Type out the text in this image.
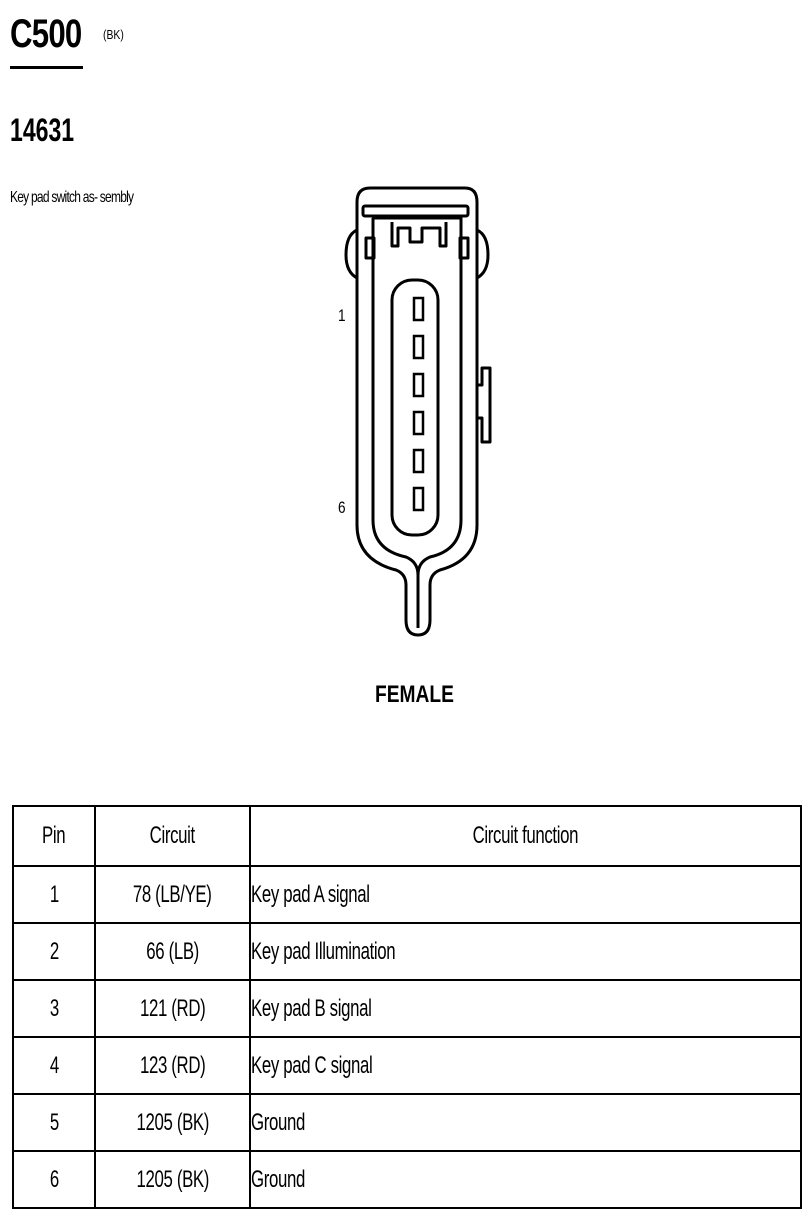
C500 (BK)
14631
Key pad switch as- sembly
1
6
FEMALE
Pin	Circuit	Circuit function
1	78 (LB/YE)	Key pad A signal
2	66 (LB)	Key pad Illumination
3	121 (RD)	Key pad B signal
4	123 (RD)	Key pad C signal
5	1205 (BK)	Ground
6	1205 (BK)	Ground
